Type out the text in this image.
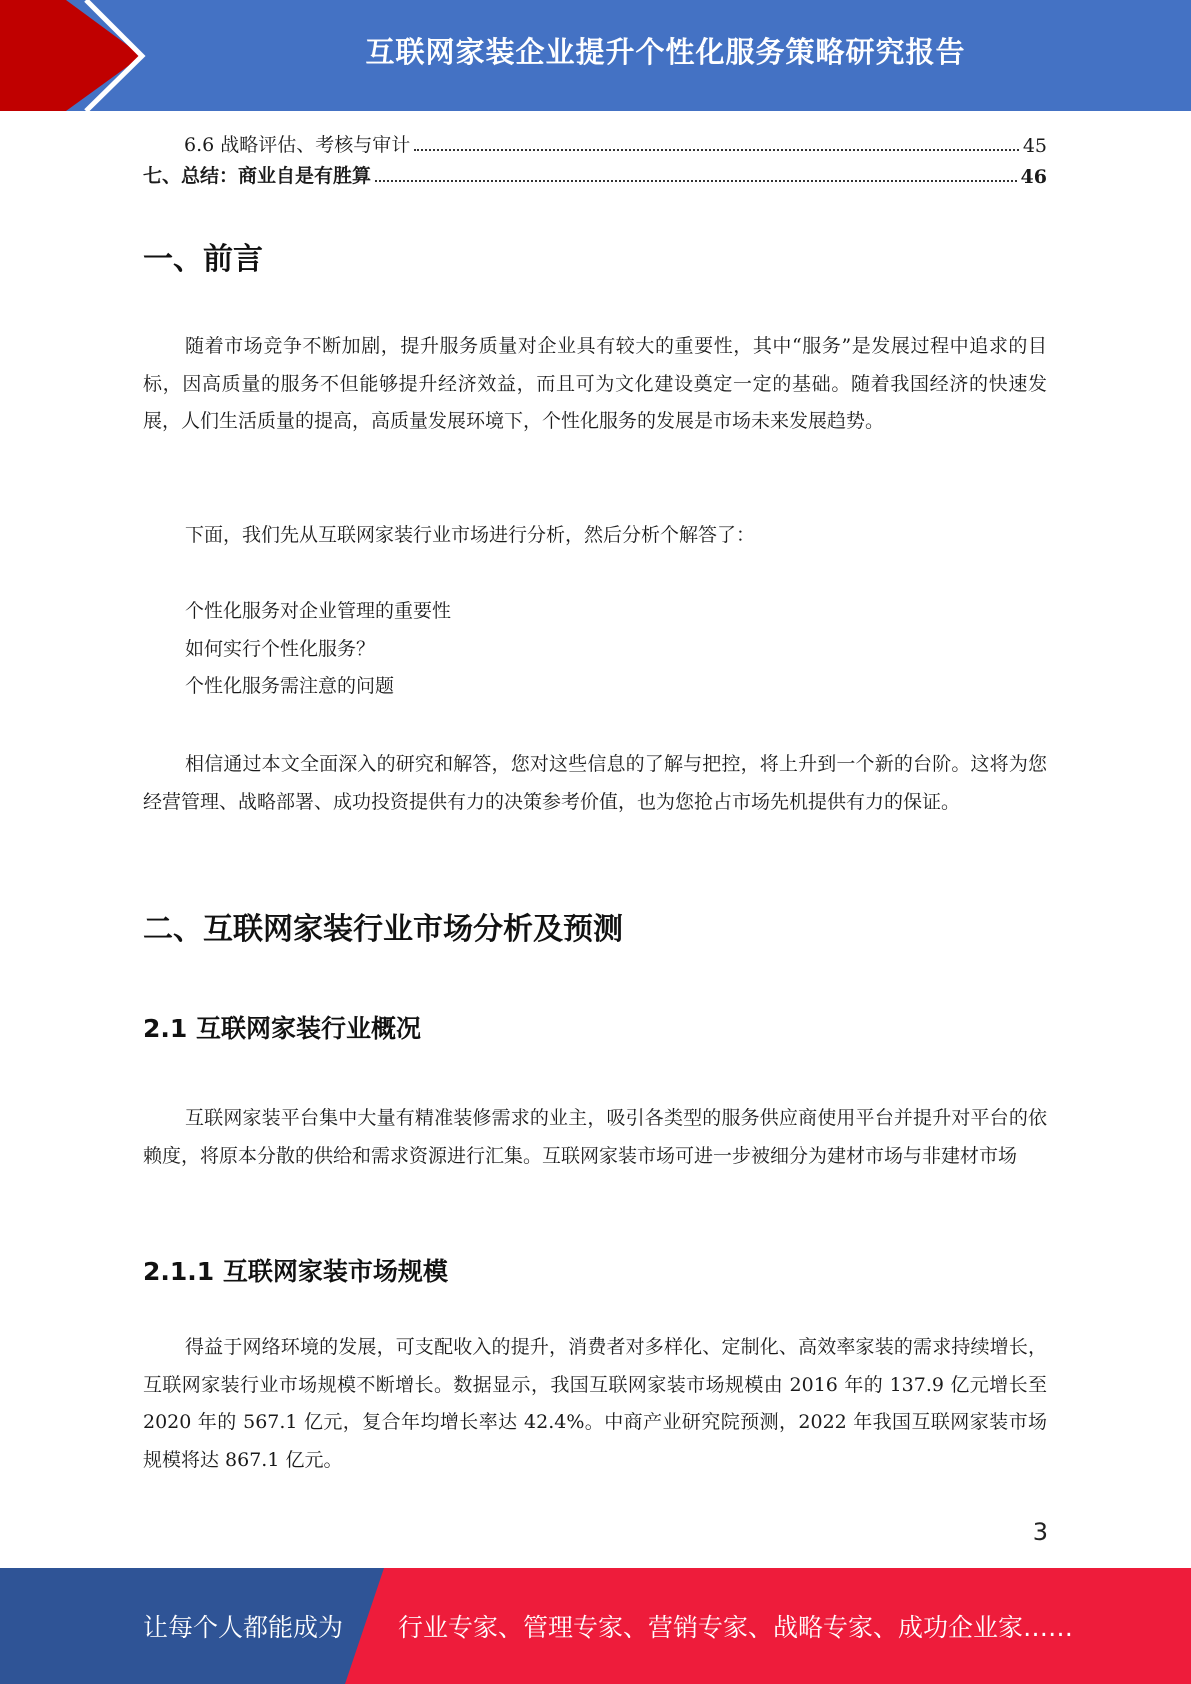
互联网家装企业提升个性化服务策略研究报告
6.6 战略评估、考核与审计	45
七、总结：商业自是有胜算	46
一、前言
随着市场竞争不断加剧，提升服务质量对企业具有较大的重要性，其中“服务”是发展过程中追求的目标，因高质量的服务不但能够提升经济效益，而且可为文化建设奠定一定的基础。随着我国经济的快速发展，人们生活质量的提高，高质量发展环境下，个性化服务的发展是市场未来发展趋势。
下面，我们先从互联网家装行业市场进行分析，然后分析个解答了：
个性化服务对企业管理的重要性
如何实行个性化服务？
个性化服务需注意的问题
相信通过本文全面深入的研究和解答，您对这些信息的了解与把控，将上升到一个新的台阶。这将为您经营管理、战略部署、成功投资提供有力的决策参考价值，也为您抢占市场先机提供有力的保证。
二、互联网家装行业市场分析及预测
2.1 互联网家装行业概况
互联网家装平台集中大量有精准装修需求的业主，吸引各类型的服务供应商使用平台并提升对平台的依赖度，将原本分散的供给和需求资源进行汇集。互联网家装市场可进一步被细分为建材市场与非建材市场
2.1.1 互联网家装市场规模
得益于网络环境的发展，可支配收入的提升，消费者对多样化、定制化、高效率家装的需求持续增长，互联网家装行业市场规模不断增长。数据显示，我国互联网家装市场规模由 2016 年的 137.9 亿元增长至 2020 年的 567.1 亿元，复合年均增长率达 42.4%。中商产业研究院预测，2022 年我国互联网家装市场规模将达 867.1 亿元。
3
让每个人都能成为 行业专家、管理专家、营销专家、战略专家、成功企业家……
